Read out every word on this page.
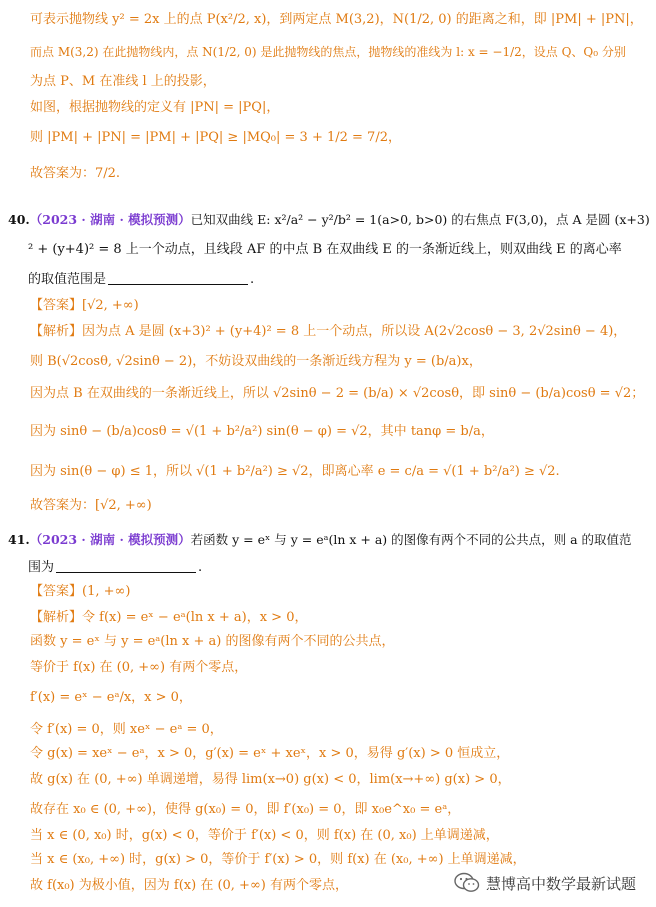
可表示抛物线 y² = 2x 上的点 P(x²/2, x)，到两定点 M(3,2)，N(1/2, 0) 的距离之和，即 |PM| + |PN|，
而点 M(3,2) 在此抛物线内，点 N(1/2, 0) 是此抛物线的焦点，抛物线的准线为 l: x = −1/2，设点 Q、Q₀ 分别
为点 P、M 在准线 l 上的投影，
如图，根据抛物线的定义有 |PN| = |PQ|，
则 |PM| + |PN| = |PM| + |PQ| ≥ |MQ₀| = 3 + 1/2 = 7/2，
故答案为：7/2.
40.（2023 · 湖南 · 模拟预测）已知双曲线 E: x²/a² − y²/b² = 1(a>0, b>0) 的右焦点 F(3,0)，点 A 是圆 (x+3)
² + (y+4)² = 8 上一个动点，且线段 AF 的中点 B 在双曲线 E 的一条渐近线上，则双曲线 E 的离心率
的取值范围是	.
【答案】[√2, +∞)
【解析】因为点 A 是圆 (x+3)² + (y+4)² = 8 上一个动点，所以设 A(2√2cosθ − 3, 2√2sinθ − 4)，
则 B(√2cosθ, √2sinθ − 2)，不妨设双曲线的一条渐近线方程为 y = (b/a)x，
因为点 B 在双曲线的一条渐近线上，所以 √2sinθ − 2 = (b/a) × √2cosθ，即 sinθ − (b/a)cosθ = √2；
因为 sinθ − (b/a)cosθ = √(1 + b²/a²) sin(θ − φ) = √2，其中 tanφ = b/a，
因为 sin(θ − φ) ≤ 1，所以 √(1 + b²/a²) ≥ √2，即离心率 e = c/a = √(1 + b²/a²) ≥ √2.
故答案为：[√2, +∞)
41.（2023 · 湖南 · 模拟预测）若函数 y = eˣ 与 y = eᵃ(ln x + a) 的图像有两个不同的公共点，则 a 的取值范
围为	.
【答案】(1, +∞)
【解析】令 f(x) = eˣ − eᵃ(ln x + a)，x > 0，
函数 y = eˣ 与 y = eᵃ(ln x + a) 的图像有两个不同的公共点，
等价于 f(x) 在 (0, +∞) 有两个零点，
f′(x) = eˣ − eᵃ/x，x > 0，
令 f′(x) = 0，则 xeˣ − eᵃ = 0，
令 g(x) = xeˣ − eᵃ，x > 0，g′(x) = eˣ + xeˣ，x > 0，易得 g′(x) > 0 恒成立，
故 g(x) 在 (0, +∞) 单调递增，易得 lim(x→0) g(x) < 0，lim(x→+∞) g(x) > 0，
故存在 x₀ ∈ (0, +∞)，使得 g(x₀) = 0，即 f′(x₀) = 0，即 x₀e^x₀ = eᵃ，
当 x ∈ (0, x₀) 时，g(x) < 0，等价于 f′(x) < 0，则 f(x) 在 (0, x₀) 上单调递减，
当 x ∈ (x₀, +∞) 时，g(x) > 0，等价于 f′(x) > 0，则 f(x) 在 (x₀, +∞) 上单调递减，
故 f(x₀) 为极小值，因为 f(x) 在 (0, +∞) 有两个零点，	慧博高中数学最新试题
